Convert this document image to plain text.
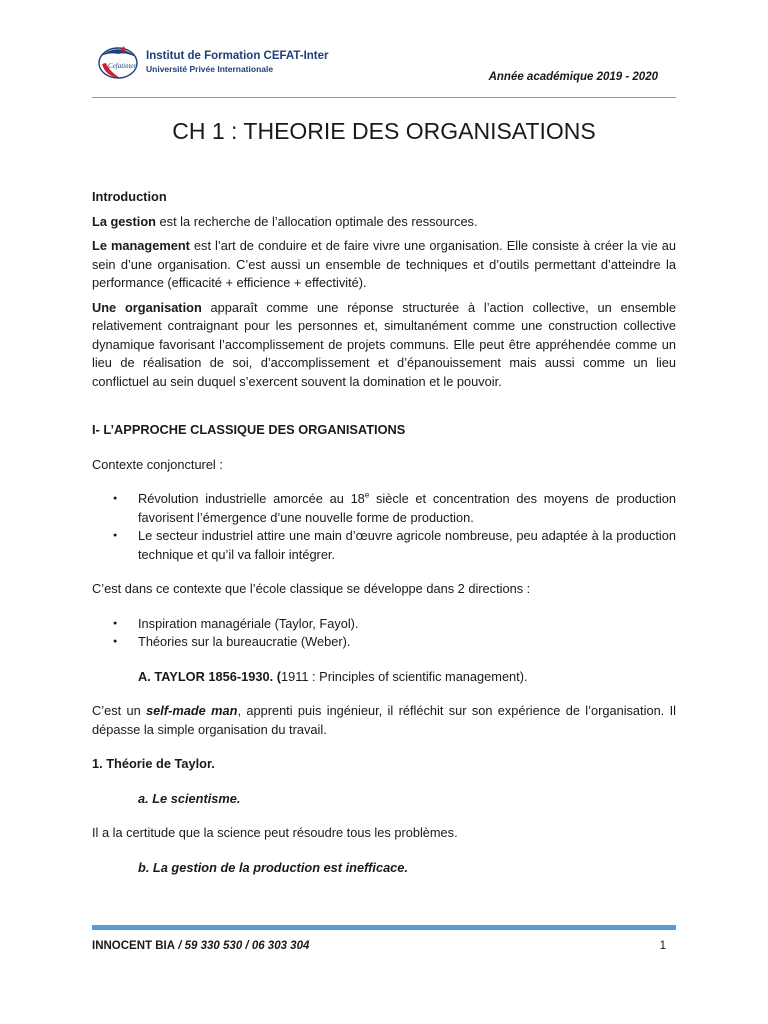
Cefatinter
Institut de Formation CEFAT-Inter
Université Privée Internationale
Année académique 2019 - 2020
CH 1 : THEORIE DES ORGANISATIONS

Introduction

La gestion est la recherche de l’allocation optimale des ressources.

Le management est l’art de conduire et de faire vivre une organisation. Elle consiste à créer la vie au sein d’une organisation. C’est aussi un ensemble de techniques et d’outils permettant d’atteindre la performance (efficacité + efficience + effectivité).

Une organisation apparaît comme une réponse structurée à l’action collective, un ensemble relativement contraignant pour les personnes et, simultanément comme une construction collective dynamique favorisant l’accomplissement de projets communs. Elle peut être appréhendée comme un lieu de réalisation de soi, d’accomplissement et d’épanouissement mais aussi comme un lieu conflictuel au sein duquel s’exercent souvent la domination et le pouvoir.

I- L’APPROCHE CLASSIQUE DES ORGANISATIONS

Contexte conjoncturel :

● Révolution industrielle amorcée au 18e siècle et concentration des moyens de production favorisent l’émergence d’une nouvelle forme de production.
● Le secteur industriel attire une main d’œuvre agricole nombreuse, peu adaptée à la production technique et qu’il va falloir intégrer.

C’est dans ce contexte que l’école classique se développe dans 2 directions :

● Inspiration managériale (Taylor, Fayol).
● Théories sur la bureaucratie (Weber).

A. TAYLOR 1856-1930. (1911 : Principles of scientific management).

C’est un self-made man, apprenti puis ingénieur, il réfléchit sur son expérience de l’organisation. Il dépasse la simple organisation du travail.

1. Théorie de Taylor.

a. Le scientisme.

Il a la certitude que la science peut résoudre tous les problèmes.

b. La gestion de la production est inefficace.

INNOCENT BIA / 59 330 530 / 06 303 304	1
